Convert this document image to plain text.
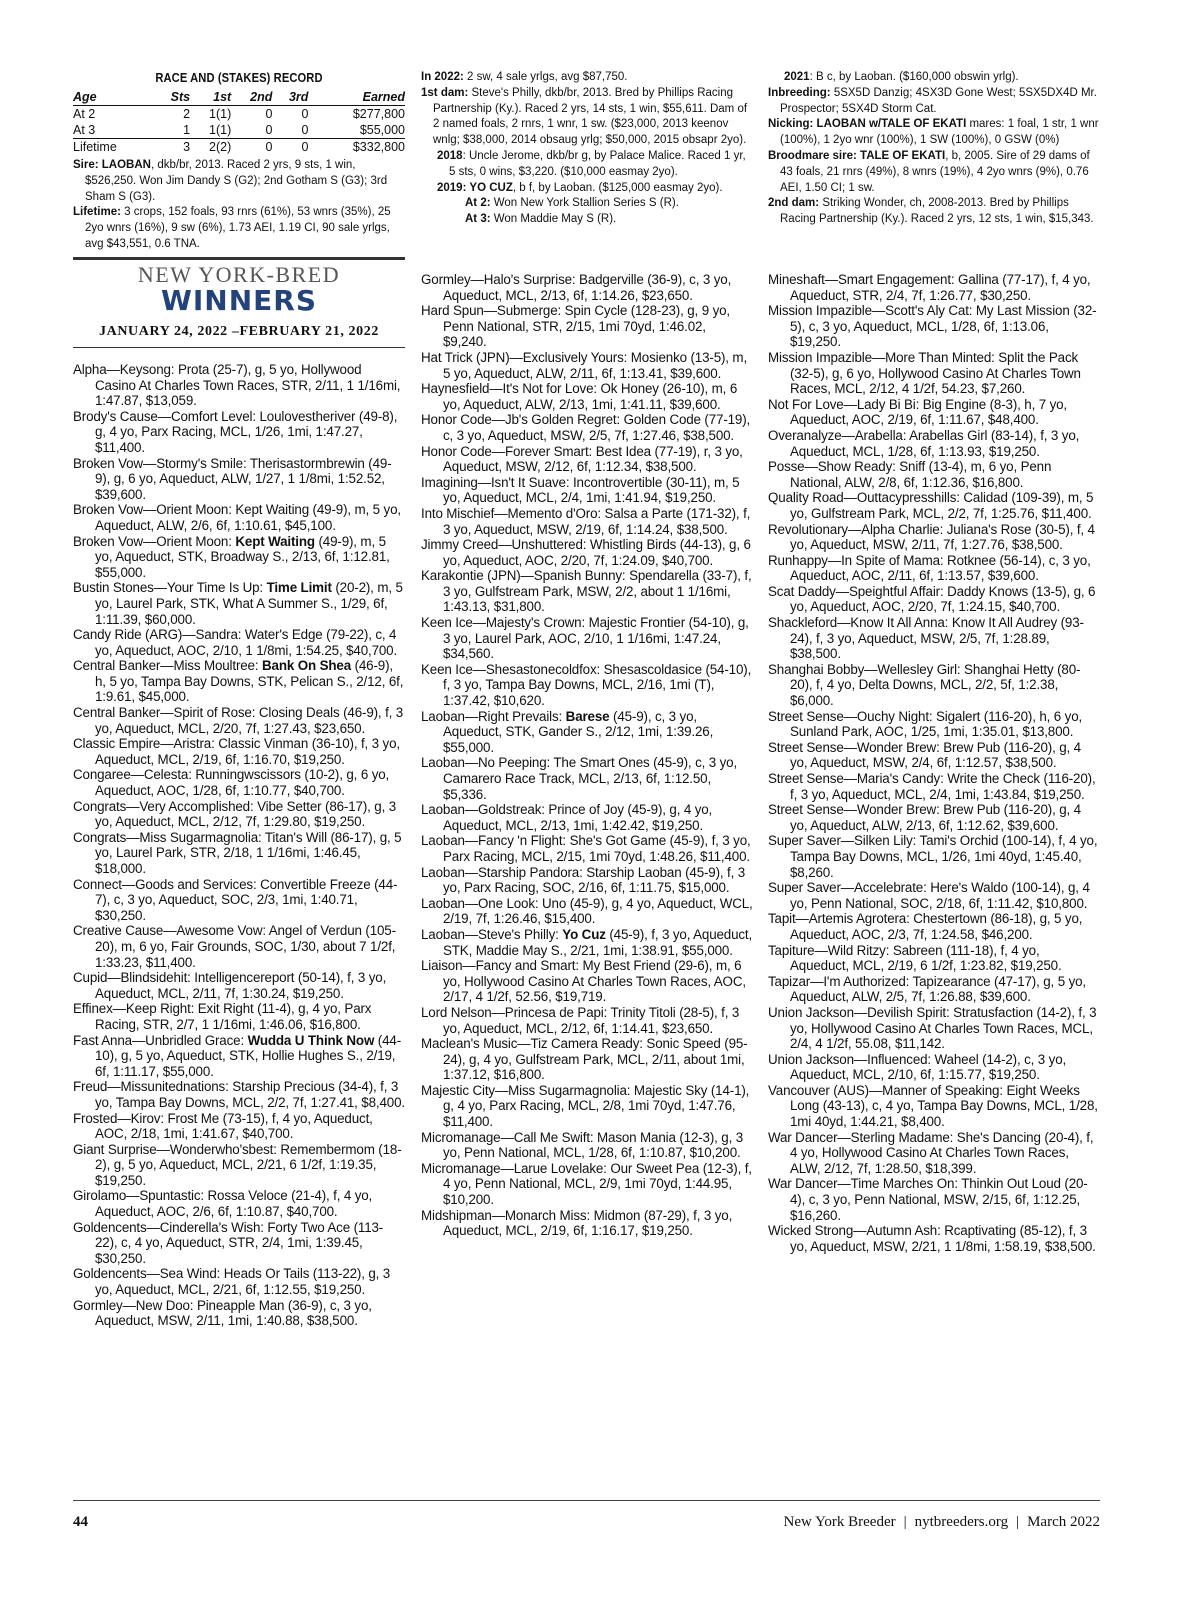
RACE AND (STAKES) RECORD
Age	Sts	1st	2nd	3rd	Earned
At 2	2	1(1)	0	0	$277,800
At 3	1	1(1)	0	0	$55,000
Lifetime	3	2(2)	0	0	$332,800

Sire: LAOBAN, dkb/br, 2013. Raced 2 yrs, 9 sts, 1 win, $526,250. Won Jim Dandy S (G2); 2nd Gotham S (G3); 3rd Sham S (G3).

Lifetime: 3 crops, 152 foals, 93 rnrs (61%), 53 wnrs (35%), 25 2yo wnrs (16%), 9 sw (6%), 1.73 AEI, 1.19 CI, 90 sale yrlgs, avg $43,551, 0.6 TNA.

In 2022: 2 sw, 4 sale yrlgs, avg $87,750.

1st dam: Steve's Philly, dkb/br, 2013. Bred by Phillips Racing Partnership (Ky.). Raced 2 yrs, 14 sts, 1 win, $55,611. Dam of 2 named foals, 2 rnrs, 1 wnr, 1 sw. ($23,000, 2013 keenov wnlg; $38,000, 2014 obsaug yrlg; $50,000, 2015 obsapr 2yo).

2018: Uncle Jerome, dkb/br g, by Palace Malice. Raced 1 yr, 5 sts, 0 wins, $3,220. ($10,000 easmay 2yo).

2019: YO CUZ, b f, by Laoban. ($125,000 easmay 2yo).

At 2: Won New York Stallion Series S (R).

At 3: Won Maddie May S (R).

2021: B c, by Laoban. ($160,000 obswin yrlg).

Inbreeding: 5SX5D Danzig; 4SX3D Gone West; 5SX5DX4D Mr. Prospector; 5SX4D Storm Cat.

Nicking: LAOBAN w/TALE OF EKATI mares: 1 foal, 1 str, 1 wnr (100%), 1 2yo wnr (100%), 1 SW (100%), 0 GSW (0%)

Broodmare sire: TALE OF EKATI, b, 2005. Sire of 29 dams of 43 foals, 21 rnrs (49%), 8 wnrs (19%), 4 2yo wnrs (9%), 0.76 AEI, 1.50 CI; 1 sw.

2nd dam: Striking Wonder, ch, 2008-2013. Bred by Phillips Racing Partnership (Ky.). Raced 2 yrs, 12 sts, 1 win, $15,343.

NEW YORK-BRED
WINNERS
JANUARY 24, 2022 –FEBRUARY 21, 2022

Alpha—Keysong: Prota (25-7), g, 5 yo, Hollywood Casino At Charles Town Races, STR, 2/11, 1 1/16mi, 1:47.87, $13,059.

Brody's Cause—Comfort Level: Loulovestheriver (49-8), g, 4 yo, Parx Racing, MCL, 1/26, 1mi, 1:47.27, $11,400.

Broken Vow—Stormy's Smile: Therisastormbrewin (49-9), g, 6 yo, Aqueduct, ALW, 1/27, 1 1/8mi, 1:52.52, $39,600.

Broken Vow—Orient Moon: Kept Waiting (49-9), m, 5 yo, Aqueduct, ALW, 2/6, 6f, 1:10.61, $45,100.

Broken Vow—Orient Moon: Kept Waiting (49-9), m, 5 yo, Aqueduct, STK, Broadway S., 2/13, 6f, 1:12.81, $55,000.

Bustin Stones—Your Time Is Up: Time Limit (20-2), m, 5 yo, Laurel Park, STK, What A Summer S., 1/29, 6f, 1:11.39, $60,000.

Candy Ride (ARG)—Sandra: Water's Edge (79-22), c, 4 yo, Aqueduct, AOC, 2/10, 1 1/8mi, 1:54.25, $40,700.

Central Banker—Miss Moultree: Bank On Shea (46-9), h, 5 yo, Tampa Bay Downs, STK, Pelican S., 2/12, 6f, 1:9.61, $45,000.

Central Banker—Spirit of Rose: Closing Deals (46-9), f, 3 yo, Aqueduct, MCL, 2/20, 7f, 1:27.43, $23,650.

Classic Empire—Aristra: Classic Vinman (36-10), f, 3 yo, Aqueduct, MCL, 2/19, 6f, 1:16.70, $19,250.

Congaree—Celesta: Runningwscissors (10-2), g, 6 yo, Aqueduct, AOC, 1/28, 6f, 1:10.77, $40,700.

Congrats—Very Accomplished: Vibe Setter (86-17), g, 3 yo, Aqueduct, MCL, 2/12, 7f, 1:29.80, $19,250.

Congrats—Miss Sugarmagnolia: Titan's Will (86-17), g, 5 yo, Laurel Park, STR, 2/18, 1 1/16mi, 1:46.45, $18,000.

Connect—Goods and Services: Convertible Freeze (44-7), c, 3 yo, Aqueduct, SOC, 2/3, 1mi, 1:40.71, $30,250.

Creative Cause—Awesome Vow: Angel of Verdun (105-20), m, 6 yo, Fair Grounds, SOC, 1/30, about 7 1/2f, 1:33.23, $11,400.

Cupid—Blindsidehit: Intelligencereport (50-14), f, 3 yo, Aqueduct, MCL, 2/11, 7f, 1:30.24, $19,250.

Effinex—Keep Right: Exit Right (11-4), g, 4 yo, Parx Racing, STR, 2/7, 1 1/16mi, 1:46.06, $16,800.

Fast Anna—Unbridled Grace: Wudda U Think Now (44-10), g, 5 yo, Aqueduct, STK, Hollie Hughes S., 2/19, 6f, 1:11.17, $55,000.

Freud—Missunitednations: Starship Precious (34-4), f, 3 yo, Tampa Bay Downs, MCL, 2/2, 7f, 1:27.41, $8,400.

Frosted—Kirov: Frost Me (73-15), f, 4 yo, Aqueduct, AOC, 2/18, 1mi, 1:41.67, $40,700.

Giant Surprise—Wonderwho'sbest: Remembermom (18-2), g, 5 yo, Aqueduct, MCL, 2/21, 6 1/2f, 1:19.35, $19,250.

Girolamo—Spuntastic: Rossa Veloce (21-4), f, 4 yo, Aqueduct, AOC, 2/6, 6f, 1:10.87, $40,700.

Goldencents—Cinderella's Wish: Forty Two Ace (113-22), c, 4 yo, Aqueduct, STR, 2/4, 1mi, 1:39.45, $30,250.

Goldencents—Sea Wind: Heads Or Tails (113-22), g, 3 yo, Aqueduct, MCL, 2/21, 6f, 1:12.55, $19,250.

Gormley—New Doo: Pineapple Man (36-9), c, 3 yo, Aqueduct, MSW, 2/11, 1mi, 1:40.88, $38,500.

Gormley—Halo's Surprise: Badgerville (36-9), c, 3 yo, Aqueduct, MCL, 2/13, 6f, 1:14.26, $23,650.

Hard Spun—Submerge: Spin Cycle (128-23), g, 9 yo, Penn National, STR, 2/15, 1mi 70yd, 1:46.02, $9,240.

Hat Trick (JPN)—Exclusively Yours: Mosienko (13-5), m, 5 yo, Aqueduct, ALW, 2/11, 6f, 1:13.41, $39,600.

Haynesfield—It's Not for Love: Ok Honey (26-10), m, 6 yo, Aqueduct, ALW, 2/13, 1mi, 1:41.11, $39,600.

Honor Code—Jb's Golden Regret: Golden Code (77-19), c, 3 yo, Aqueduct, MSW, 2/5, 7f, 1:27.46, $38,500.

Honor Code—Forever Smart: Best Idea (77-19), r, 3 yo, Aqueduct, MSW, 2/12, 6f, 1:12.34, $38,500.

Imagining—Isn't It Suave: Incontrovertible (30-11), m, 5 yo, Aqueduct, MCL, 2/4, 1mi, 1:41.94, $19,250.

Into Mischief—Memento d'Oro: Salsa a Parte (171-32), f, 3 yo, Aqueduct, MSW, 2/19, 6f, 1:14.24, $38,500.

Jimmy Creed—Unshuttered: Whistling Birds (44-13), g, 6 yo, Aqueduct, AOC, 2/20, 7f, 1:24.09, $40,700.

Karakontie (JPN)—Spanish Bunny: Spendarella (33-7), f, 3 yo, Gulfstream Park, MSW, 2/2, about 1 1/16mi, 1:43.13, $31,800.

Keen Ice—Majesty's Crown: Majestic Frontier (54-10), g, 3 yo, Laurel Park, AOC, 2/10, 1 1/16mi, 1:47.24, $34,560.

Keen Ice—Shesastonecoldfox: Shesascoldasice (54-10), f, 3 yo, Tampa Bay Downs, MCL, 2/16, 1mi (T), 1:37.42, $10,620.

Laoban—Right Prevails: Barese (45-9), c, 3 yo, Aqueduct, STK, Gander S., 2/12, 1mi, 1:39.26, $55,000.

Laoban—No Peeping: The Smart Ones (45-9), c, 3 yo, Camarero Race Track, MCL, 2/13, 6f, 1:12.50, $5,336.

Laoban—Goldstreak: Prince of Joy (45-9), g, 4 yo, Aqueduct, MCL, 2/13, 1mi, 1:42.42, $19,250.

Laoban—Fancy 'n Flight: She's Got Game (45-9), f, 3 yo, Parx Racing, MCL, 2/15, 1mi 70yd, 1:48.26, $11,400.

Laoban—Starship Pandora: Starship Laoban (45-9), f, 3 yo, Parx Racing, SOC, 2/16, 6f, 1:11.75, $15,000.

Laoban—One Look: Uno (45-9), g, 4 yo, Aqueduct, WCL, 2/19, 7f, 1:26.46, $15,400.

Laoban—Steve's Philly: Yo Cuz (45-9), f, 3 yo, Aqueduct, STK, Maddie May S., 2/21, 1mi, 1:38.91, $55,000.

Liaison—Fancy and Smart: My Best Friend (29-6), m, 6 yo, Hollywood Casino At Charles Town Races, AOC, 2/17, 4 1/2f, 52.56, $19,719.

Lord Nelson—Princesa de Papi: Trinity Titoli (28-5), f, 3 yo, Aqueduct, MCL, 2/12, 6f, 1:14.41, $23,650.

Maclean's Music—Tiz Camera Ready: Sonic Speed (95-24), g, 4 yo, Gulfstream Park, MCL, 2/11, about 1mi, 1:37.12, $16,800.

Majestic City—Miss Sugarmagnolia: Majestic Sky (14-1), g, 4 yo, Parx Racing, MCL, 2/8, 1mi 70yd, 1:47.76, $11,400.

Micromanage—Call Me Swift: Mason Mania (12-3), g, 3 yo, Penn National, MCL, 1/28, 6f, 1:10.87, $10,200.

Micromanage—Larue Lovelake: Our Sweet Pea (12-3), f, 4 yo, Penn National, MCL, 2/9, 1mi 70yd, 1:44.95, $10,200.

Midshipman—Monarch Miss: Midmon (87-29), f, 3 yo, Aqueduct, MCL, 2/19, 6f, 1:16.17, $19,250.

Mineshaft—Smart Engagement: Gallina (77-17), f, 4 yo, Aqueduct, STR, 2/4, 7f, 1:26.77, $30,250.

Mission Impazible—Scott's Aly Cat: My Last Mission (32-5), c, 3 yo, Aqueduct, MCL, 1/28, 6f, 1:13.06, $19,250.

Mission Impazible—More Than Minted: Split the Pack (32-5), g, 6 yo, Hollywood Casino At Charles Town Races, MCL, 2/12, 4 1/2f, 54.23, $7,260.

Not For Love—Lady Bi Bi: Big Engine (8-3), h, 7 yo, Aqueduct, AOC, 2/19, 6f, 1:11.67, $48,400.

Overanalyze—Arabella: Arabellas Girl (83-14), f, 3 yo, Aqueduct, MCL, 1/28, 6f, 1:13.93, $19,250.

Posse—Show Ready: Sniff (13-4), m, 6 yo, Penn National, ALW, 2/8, 6f, 1:12.36, $16,800.

Quality Road—Outtacypresshills: Calidad (109-39), m, 5 yo, Gulfstream Park, MCL, 2/2, 7f, 1:25.76, $11,400.

Revolutionary—Alpha Charlie: Juliana's Rose (30-5), f, 4 yo, Aqueduct, MSW, 2/11, 7f, 1:27.76, $38,500.

Runhappy—In Spite of Mama: Rotknee (56-14), c, 3 yo, Aqueduct, AOC, 2/11, 6f, 1:13.57, $39,600.

Scat Daddy—Speightful Affair: Daddy Knows (13-5), g, 6 yo, Aqueduct, AOC, 2/20, 7f, 1:24.15, $40,700.

Shackleford—Know It All Anna: Know It All Audrey (93-24), f, 3 yo, Aqueduct, MSW, 2/5, 7f, 1:28.89, $38,500.

Shanghai Bobby—Wellesley Girl: Shanghai Hetty (80-20), f, 4 yo, Delta Downs, MCL, 2/2, 5f, 1:2.38, $6,000.

Street Sense—Ouchy Night: Sigalert (116-20), h, 6 yo, Sunland Park, AOC, 1/25, 1mi, 1:35.01, $13,800.

Street Sense—Wonder Brew: Brew Pub (116-20), g, 4 yo, Aqueduct, MSW, 2/4, 6f, 1:12.57, $38,500.

Street Sense—Maria's Candy: Write the Check (116-20), f, 3 yo, Aqueduct, MCL, 2/4, 1mi, 1:43.84, $19,250.

Street Sense—Wonder Brew: Brew Pub (116-20), g, 4 yo, Aqueduct, ALW, 2/13, 6f, 1:12.62, $39,600.

Super Saver—Silken Lily: Tami's Orchid (100-14), f, 4 yo, Tampa Bay Downs, MCL, 1/26, 1mi 40yd, 1:45.40, $8,260.

Super Saver—Accelebrate: Here's Waldo (100-14), g, 4 yo, Penn National, SOC, 2/18, 6f, 1:11.42, $10,800.

Tapit—Artemis Agrotera: Chestertown (86-18), g, 5 yo, Aqueduct, AOC, 2/3, 7f, 1:24.58, $46,200.

Tapiture—Wild Ritzy: Sabreen (111-18), f, 4 yo, Aqueduct, MCL, 2/19, 6 1/2f, 1:23.82, $19,250.

Tapizar—I'm Authorized: Tapizearance (47-17), g, 5 yo, Aqueduct, ALW, 2/5, 7f, 1:26.88, $39,600.

Union Jackson—Devilish Spirit: Stratusfaction (14-2), f, 3 yo, Hollywood Casino At Charles Town Races, MCL, 2/4, 4 1/2f, 55.08, $11,142.

Union Jackson—Influenced: Waheel (14-2), c, 3 yo, Aqueduct, MCL, 2/10, 6f, 1:15.77, $19,250.

Vancouver (AUS)—Manner of Speaking: Eight Weeks Long (43-13), c, 4 yo, Tampa Bay Downs, MCL, 1/28, 1mi 40yd, 1:44.21, $8,400.

War Dancer—Sterling Madame: She's Dancing (20-4), f, 4 yo, Hollywood Casino At Charles Town Races, ALW, 2/12, 7f, 1:28.50, $18,399.

War Dancer—Time Marches On: Thinkin Out Loud (20-4), c, 3 yo, Penn National, MSW, 2/15, 6f, 1:12.25, $16,260.

Wicked Strong—Autumn Ash: Rcaptivating (85-12), f, 3 yo, Aqueduct, MSW, 2/21, 1 1/8mi, 1:58.19, $38,500.

44	New York Breeder | nytbreeders.org | March 2022
